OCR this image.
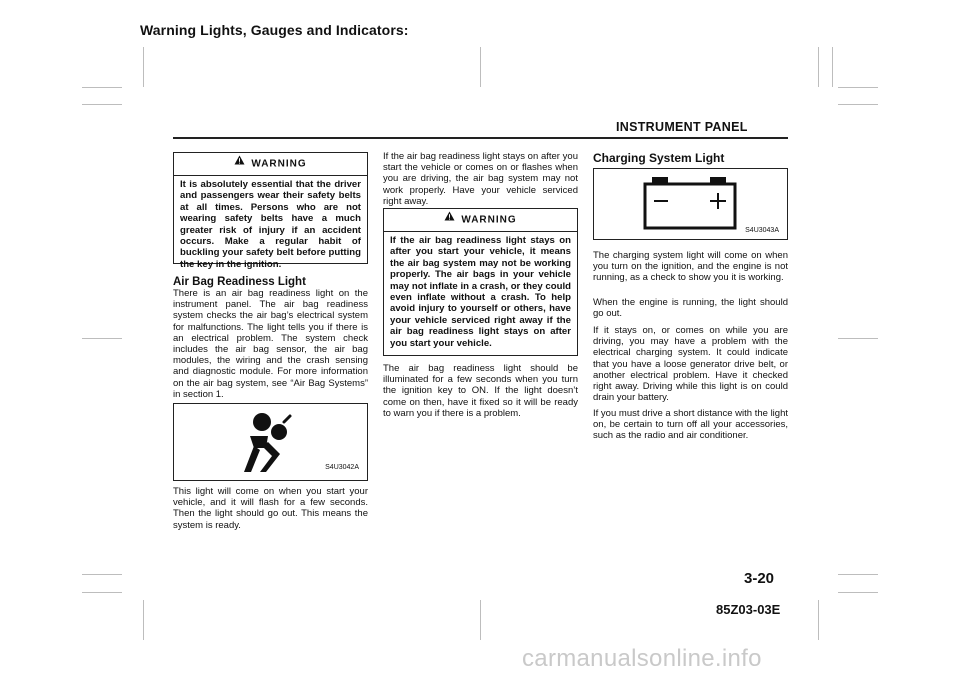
Warning Lights, Gauges and Indicators:
INSTRUMENT PANEL
WARNING
It is absolutely essential that the driver and passengers wear their safety belts at all times. Persons who are not wearing safety belts have a much greater risk of injury if an accident occurs. Make a regular habit of buckling your safety belt before putting the key in the ignition.
Air Bag Readiness Light
There is an air bag readiness light on the instrument panel. The air bag readiness system checks the air bag’s electrical system for malfunctions. The light tells you if there is an electrical problem. The system check includes the air bag sensor, the air bag modules, the wiring and the crash sensing and diagnostic module. For more information on the air bag system, see “Air Bag Systems” in section 1.
S4U3042A
This light will come on when you start your vehicle, and it will flash for a few seconds. Then the light should go out. This means the system is ready.
If the air bag readiness light stays on after you start the vehicle or comes on or flashes when you are driving, the air bag system may not work properly. Have your vehicle serviced right away.
WARNING
If the air bag readiness light stays on after you start your vehicle, it means the air bag system may not be working properly. The air bags in your vehicle may not inflate in a crash, or they could even inflate without a crash. To help avoid injury to yourself or others, have your vehicle serviced right away if the air bag readiness light stays on after you start your vehicle.
The air bag readiness light should be illuminated for a few seconds when you turn the ignition key to ON. If the light doesn’t come on then, have it fixed so it will be ready to warn you if there is a problem.
Charging System Light
S4U3043A
The charging system light will come on when you turn on the ignition, and the engine is not running, as a check to show you it is working.
When the engine is running, the light should go out.
If it stays on, or comes on while you are driving, you may have a problem with the electrical charging system. It could indicate that you have a loose generator drive belt, or another electrical problem. Have it checked right away. Driving while this light is on could drain your battery.
If you must drive a short distance with the light on, be certain to turn off all your accessories, such as the radio and air conditioner.
3-20
85Z03-03E
carmanualsonline.info
